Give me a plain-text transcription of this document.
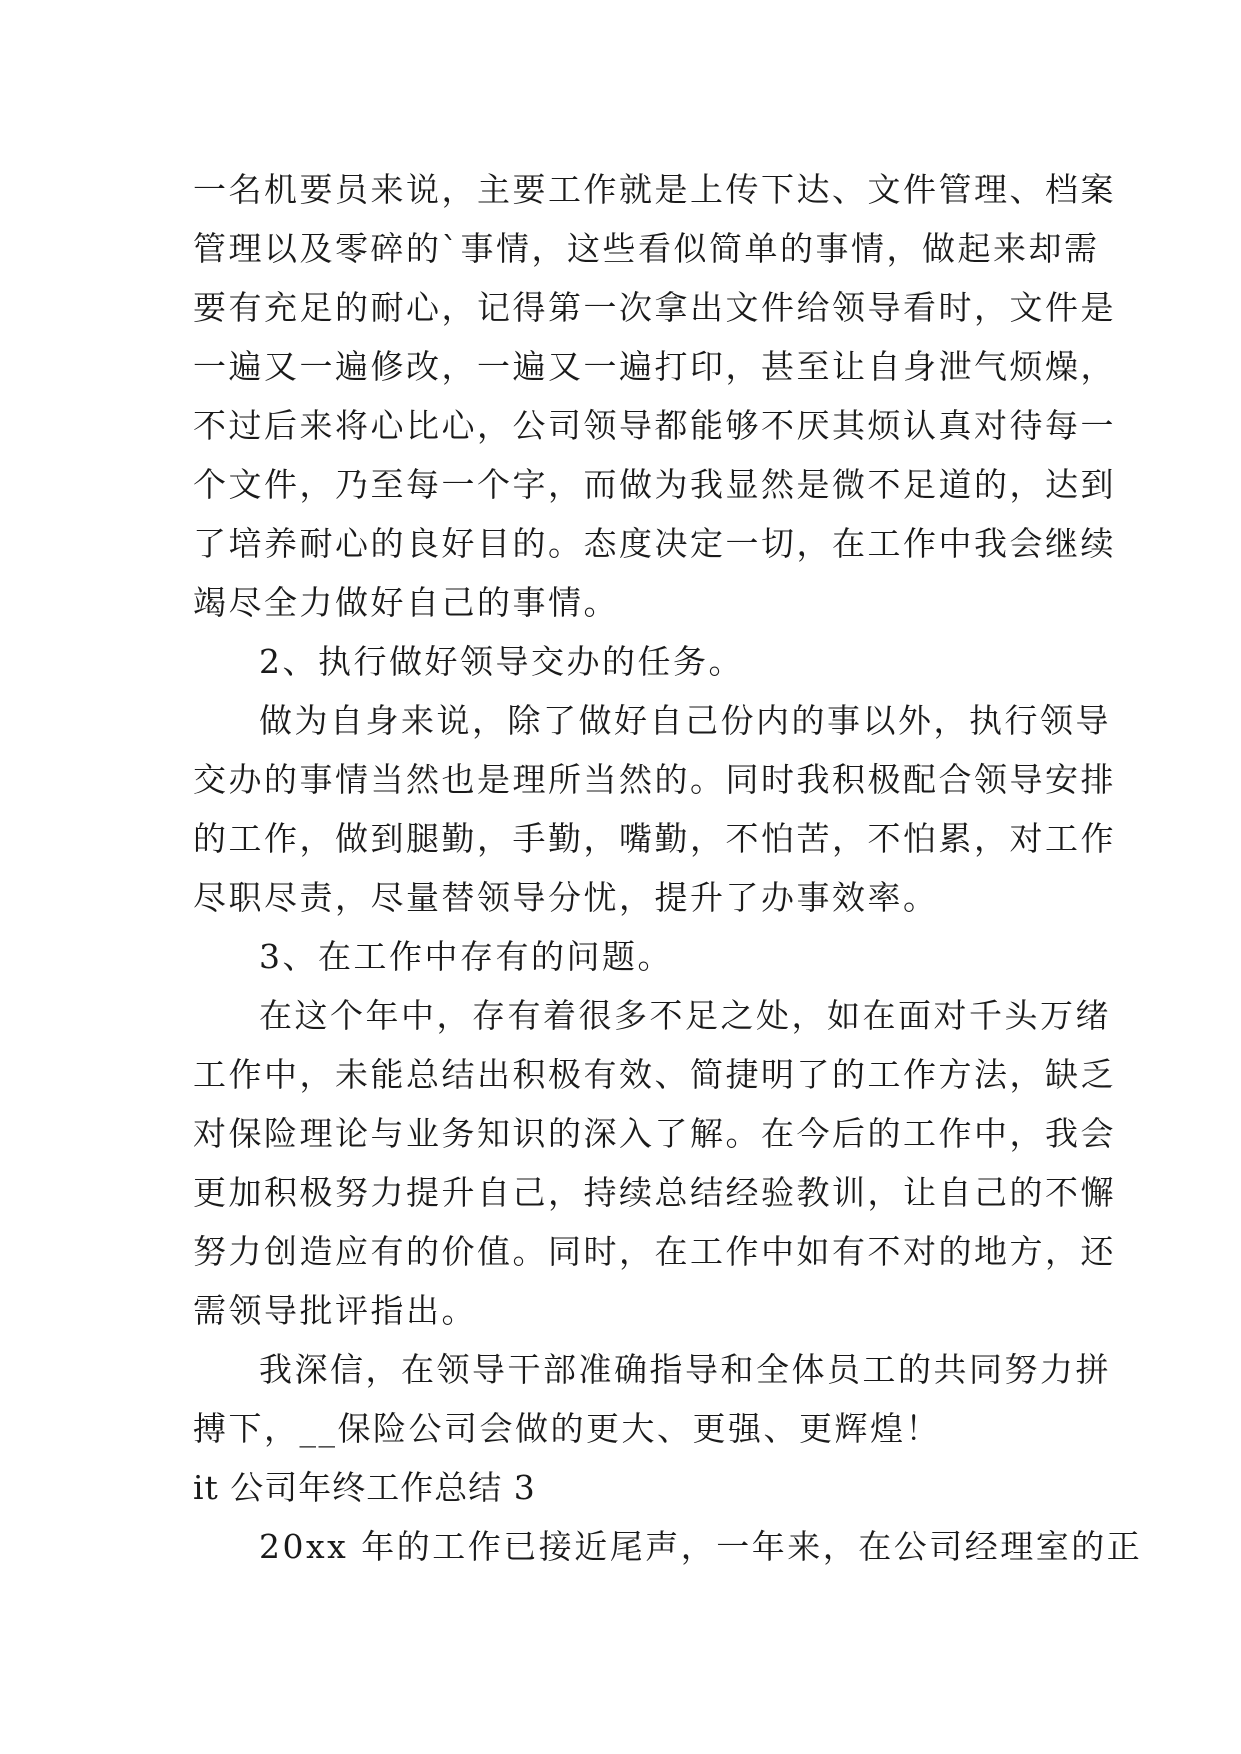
一名机要员来说，主要工作就是上传下达、文件管理、档案
管理以及零碎的`事情，这些看似简单的事情，做起来却需
要有充足的耐心，记得第一次拿出文件给领导看时，文件是
一遍又一遍修改，一遍又一遍打印，甚至让自身泄气烦燥，
不过后来将心比心，公司领导都能够不厌其烦认真对待每一
个文件，乃至每一个字，而做为我显然是微不足道的，达到
了培养耐心的良好目的。态度决定一切，在工作中我会继续
竭尽全力做好自己的事情。
2、执行做好领导交办的任务。
做为自身来说，除了做好自己份内的事以外，执行领导
交办的事情当然也是理所当然的。同时我积极配合领导安排
的工作，做到腿勤，手勤，嘴勤，不怕苦，不怕累，对工作
尽职尽责，尽量替领导分忧，提升了办事效率。
3、在工作中存有的问题。
在这个年中，存有着很多不足之处，如在面对千头万绪
工作中，未能总结出积极有效、简捷明了的工作方法，缺乏
对保险理论与业务知识的深入了解。在今后的工作中，我会
更加积极努力提升自己，持续总结经验教训，让自己的不懈
努力创造应有的价值。同时，在工作中如有不对的地方，还
需领导批评指出。
我深信，在领导干部准确指导和全体员工的共同努力拼
搏下，__保险公司会做的更大、更强、更辉煌！
it 公司年终工作总结 3
20xx 年的工作已接近尾声，一年来，在公司经理室的正
